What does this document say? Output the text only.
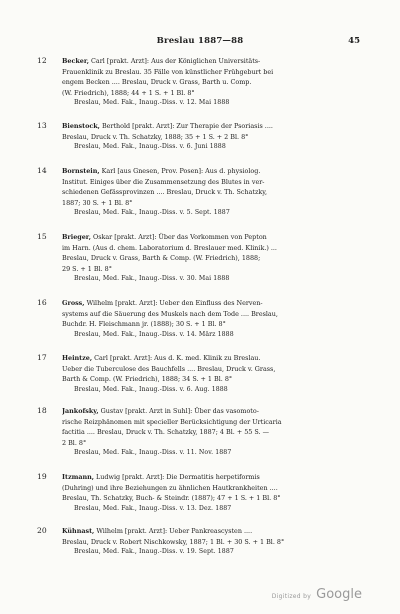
Breslau 1887—88	45
12 Becker, Carl [prakt. Arzt]: Aus der Königlichen Universitäts-
Frauenklinik zu Breslau. 35 Fälle von künstlicher Frühgeburt bei
engem Becken .... Breslau, Druck v. Grass, Barth u. Comp.
(W. Friedrich), 1888; 44 + 1 S. + 1 Bl. 8°
Breslau, Med. Fak., Inaug.-Diss. v. 12. Mai 1888
13 Bienstock, Berthold [prakt. Arzt]: Zur Therapie der Psoriasis ....
Breslau, Druck v. Th. Schatzky, 1888; 35 + 1 S. + 2 Bl. 8°
Breslau, Med. Fak., Inaug.-Diss. v. 6. Juni 1888
14 Bornstein, Karl [aus Gnesen, Prov. Posen]: Aus d. physiolog.
Institut. Einiges über die Zusammensetzung des Blutes in ver-
schiedenen Gefässprovinzen .... Breslau, Druck v. Th. Schatzky,
1887; 30 S. + 1 Bl. 8°
Breslau, Med. Fak., Inaug.-Diss. v. 5. Sept. 1887
15 Brieger, Oskar [prakt. Arzt]: Über das Vorkommen von Pepton
im Harn. (Aus d. chem. Laboratorium d. Breslauer med. Klinik.) ...
Breslau, Druck v. Grass, Barth & Comp. (W. Friedrich), 1888;
29 S. + 1 Bl. 8°
Breslau, Med. Fak., Inaug.-Diss. v. 30. Mai 1888
16 Gross, Wilhelm [prakt. Arzt]: Ueber den Einfluss des Nerven-
systems auf die Säuerung des Muskels nach dem Tode .... Breslau,
Buchdr. H. Fleischmann jr. (1888); 30 S. + 1 Bl. 8°
Breslau, Med. Fak., Inaug.-Diss. v. 14. März 1888
17 Heintze, Carl [prakt. Arzt]: Aus d. K. med. Klinik zu Breslau.
Ueber die Tuberculose des Bauchfells .... Breslau, Druck v. Grass,
Barth & Comp. (W. Friedrich), 1888; 34 S. + 1 Bl. 8°
Breslau, Med. Fak., Inaug.-Diss. v. 6. Aug. 1888
18 Jankofsky, Gustav [prakt. Arzt in Suhl]: Über das vasomoto-
rische Reizphänomen mit specieller Berücksichtigung der Urticaria
factitia .... Breslau, Druck v. Th. Schatzky, 1887; 4 Bl. + 55 S. —
2 Bl. 8°
Breslau, Med. Fak., Inaug.-Diss. v. 11. Nov. 1887
19 Itzmann, Ludwig [prakt. Arzt]: Die Dermatitis herpetiformis
(Duhring) und ihre Beziehungen zu ähnlichen Hautkrankheiten ....
Breslau, Th. Schatzky, Buch- & Steindr. (1887); 47 + 1 S. + 1 Bl. 8°
Breslau, Med. Fak., Inaug.-Diss. v. 13. Dez. 1887
20 Kühnast, Wilhelm [prakt. Arzt]: Ueber Pankreascysten ....
Breslau, Druck v. Robert Nischkowsky, 1887; 1 Bl. + 30 S. + 1 Bl. 8°
Breslau, Med. Fak., Inaug.-Diss. v. 19. Sept. 1887
Digitized by Google
